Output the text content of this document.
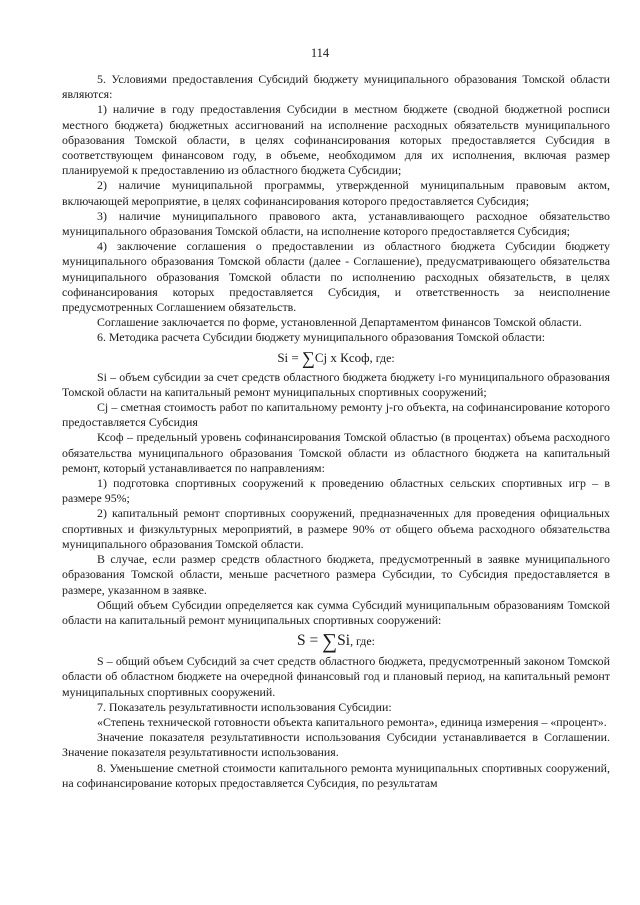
114

5. Условиями предоставления Субсидий бюджету муниципального образования Томской области являются:

1) наличие в году предоставления Субсидии в местном бюджете (сводной бюджетной росписи местного бюджета) бюджетных ассигнований на исполнение расходных обязательств муниципального образования Томской области, в целях софинансирования которых предоставляется Субсидия в соответствующем финансовом году, в объеме, необходимом для их исполнения, включая размер планируемой к предоставлению из областного бюджета Субсидии;

2) наличие муниципальной программы, утвержденной муниципальным правовым актом, включающей мероприятие, в целях софинансирования которого предоставляется Субсидия;

3) наличие муниципального правового акта, устанавливающего расходное обязательство муниципального образования Томской области, на исполнение которого предоставляется Субсидия;

4) заключение соглашения о предоставлении из областного бюджета Субсидии бюджету муниципального образования Томской области (далее - Соглашение), предусматривающего обязательства муниципального образования Томской области по исполнению расходных обязательств, в целях софинансирования которых предоставляется Субсидия, и ответственность за неисполнение предусмотренных Соглашением обязательств.

Соглашение заключается по форме, установленной Департаментом финансов Томской области.

6. Методика расчета Субсидии бюджету муниципального образования Томской области:

Si = ∑Cj х Кcоф, где:

Si – объем субсидии за счет средств областного бюджета бюджету i-го муниципального образования Томской области на капитальный ремонт муниципальных спортивных сооружений;

Cj – сметная стоимость работ по капитальному ремонту j-го объекта, на софинансирование которого предоставляется Субсидия

Ксоф – предельный уровень софинансирования Томской областью (в процентах) объема расходного обязательства муниципального образования Томской области из областного бюджета на капитальный ремонт, который устанавливается по направлениям:

1) подготовка спортивных сооружений к проведению областных сельских спортивных игр – в размере 95%;

2) капитальный ремонт спортивных сооружений, предназначенных для проведения официальных спортивных и физкультурных мероприятий, в размере 90% от общего объема расходного обязательства муниципального образования Томской области.

В случае, если размер средств областного бюджета, предусмотренный в заявке муниципального образования Томской области, меньше расчетного размера Субсидии, то Субсидия предоставляется в размере, указанном в заявке.

Общий объем Субсидии определяется как сумма Субсидий муниципальным образованиям Томской области на капитальный ремонт муниципальных спортивных сооружений:

S = ∑Si, где:

S – общий объем Субсидий за счет средств областного бюджета, предусмотренный законом Томской области об областном бюджете на очередной финансовый год и плановый период, на капитальный ремонт муниципальных спортивных сооружений.

7. Показатель результативности использования Субсидии:

«Степень технической готовности объекта капитального ремонта», единица измерения – «процент».

Значение показателя результативности использования Субсидии устанавливается в Соглашении. Значение показателя результативности использования.

8. Уменьшение сметной стоимости капитального ремонта муниципальных спортивных сооружений, на софинансирование которых предоставляется Субсидия, по результатам
